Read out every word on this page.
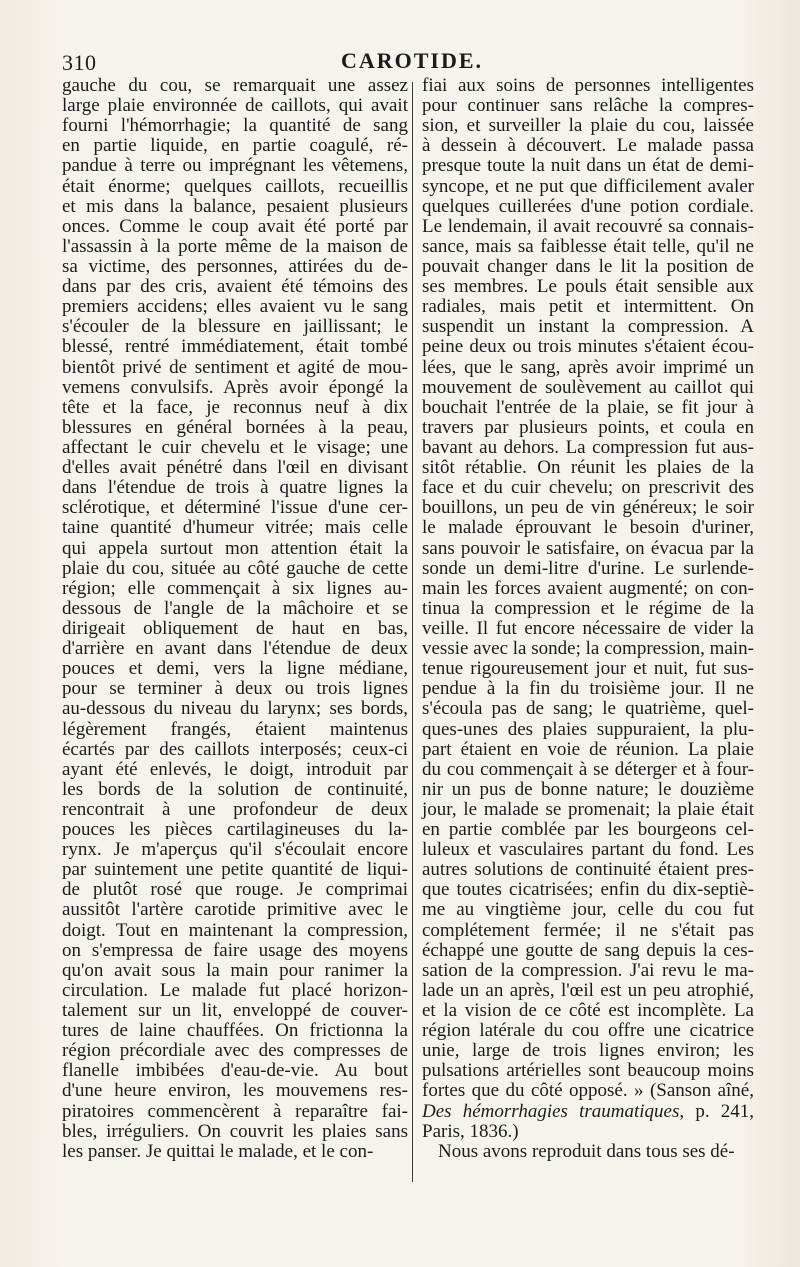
310	CAROTIDE.
gauche du cou, se remarquait une assez
large plaie environnée de caillots, qui avait
fourni l'hémorrhagie; la quantité de sang
en partie liquide, en partie coagulé, ré-
pandue à terre ou imprégnant les vêtemens,
était énorme; quelques caillots, recueillis
et mis dans la balance, pesaient plusieurs
onces. Comme le coup avait été porté par
l'assassin à la porte même de la maison de
sa victime, des personnes, attirées du de-
dans par des cris, avaient été témoins des
premiers accidens; elles avaient vu le sang
s'écouler de la blessure en jaillissant; le
blessé, rentré immédiatement, était tombé
bientôt privé de sentiment et agité de mou-
vemens convulsifs. Après avoir épongé la
tête et la face, je reconnus neuf à dix
blessures en général bornées à la peau,
affectant le cuir chevelu et le visage; une
d'elles avait pénétré dans l'œil en divisant
dans l'étendue de trois à quatre lignes la
sclérotique, et déterminé l'issue d'une cer-
taine quantité d'humeur vitrée; mais celle
qui appela surtout mon attention était la
plaie du cou, située au côté gauche de cette
région; elle commençait à six lignes au-
dessous de l'angle de la mâchoire et se
dirigeait obliquement de haut en bas,
d'arrière en avant dans l'étendue de deux
pouces et demi, vers la ligne médiane,
pour se terminer à deux ou trois lignes
au-dessous du niveau du larynx; ses bords,
légèrement frangés, étaient maintenus
écartés par des caillots interposés; ceux-ci
ayant été enlevés, le doigt, introduit par
les bords de la solution de continuité,
rencontrait à une profondeur de deux
pouces les pièces cartilagineuses du la-
rynx. Je m'aperçus qu'il s'écoulait encore
par suintement une petite quantité de liqui-
de plutôt rosé que rouge. Je comprimai
aussitôt l'artère carotide primitive avec le
doigt. Tout en maintenant la compression,
on s'empressa de faire usage des moyens
qu'on avait sous la main pour ranimer la
circulation. Le malade fut placé horizon-
talement sur un lit, enveloppé de couver-
tures de laine chauffées. On frictionna la
région précordiale avec des compresses de
flanelle imbibées d'eau-de-vie. Au bout
d'une heure environ, les mouvemens res-
piratoires commencèrent à reparaître fai-
bles, irréguliers. On couvrit les plaies sans
les panser. Je quittai le malade, et le con-
fiai aux soins de personnes intelligentes
pour continuer sans relâche la compres-
sion, et surveiller la plaie du cou, laissée
à dessein à découvert. Le malade passa
presque toute la nuit dans un état de demi-
syncope, et ne put que difficilement avaler
quelques cuillerées d'une potion cordiale.
Le lendemain, il avait recouvré sa connais-
sance, mais sa faiblesse était telle, qu'il ne
pouvait changer dans le lit la position de
ses membres. Le pouls était sensible aux
radiales, mais petit et intermittent. On
suspendit un instant la compression. A
peine deux ou trois minutes s'étaient écou-
lées, que le sang, après avoir imprimé un
mouvement de soulèvement au caillot qui
bouchait l'entrée de la plaie, se fit jour à
travers par plusieurs points, et coula en
bavant au dehors. La compression fut aus-
sitôt rétablie. On réunit les plaies de la
face et du cuir chevelu; on prescrivit des
bouillons, un peu de vin généreux; le soir
le malade éprouvant le besoin d'uriner,
sans pouvoir le satisfaire, on évacua par la
sonde un demi-litre d'urine. Le surlende-
main les forces avaient augmenté; on con-
tinua la compression et le régime de la
veille. Il fut encore nécessaire de vider la
vessie avec la sonde; la compression, main-
tenue rigoureusement jour et nuit, fut sus-
pendue à la fin du troisième jour. Il ne
s'écoula pas de sang; le quatrième, quel-
ques-unes des plaies suppuraient, la plu-
part étaient en voie de réunion. La plaie
du cou commençait à se déterger et à four-
nir un pus de bonne nature; le douzième
jour, le malade se promenait; la plaie était
en partie comblée par les bourgeons cel-
luleux et vasculaires partant du fond. Les
autres solutions de continuité étaient pres-
que toutes cicatrisées; enfin du dix-septiè-
me au vingtième jour, celle du cou fut
complétement fermée; il ne s'était pas
échappé une goutte de sang depuis la ces-
sation de la compression. J'ai revu le ma-
lade un an après, l'œil est un peu atrophié,
et la vision de ce côté est incomplète. La
région latérale du cou offre une cicatrice
unie, large de trois lignes environ; les
pulsations artérielles sont beaucoup moins
fortes que du côté opposé. » (Sanson aîné,
Des hémorrhagies traumatiques, p. 241,
Paris, 1836.)
Nous avons reproduit dans tous ses dé-
